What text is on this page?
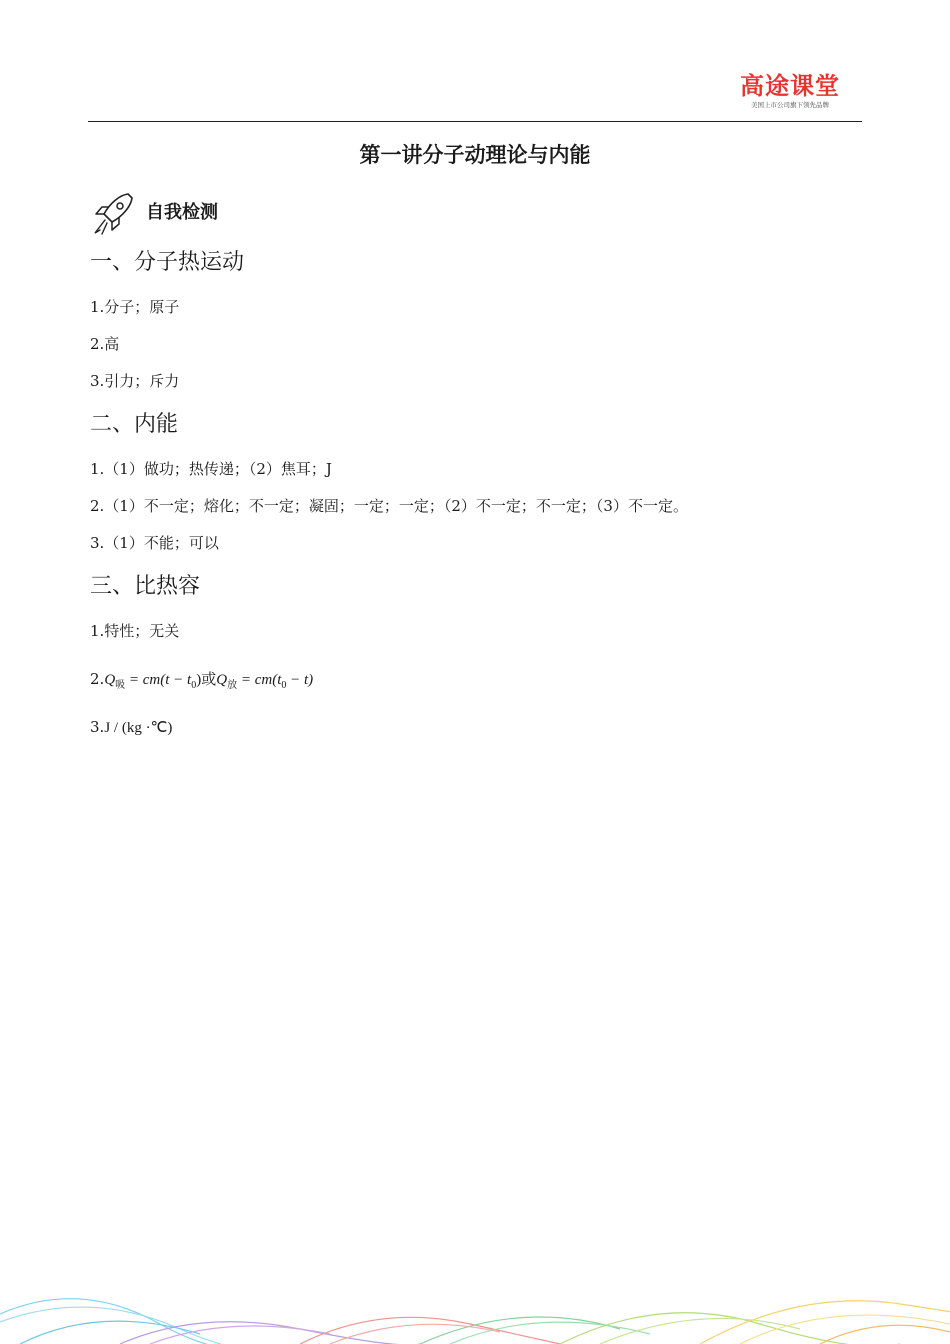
高途课堂
美国上市公司旗下领先品牌
第一讲分子动理论与内能
自我检测
一、分子热运动
1.分子；原子
2.高
3.引力；斥力
二、内能
1.（1）做功；热传递；（2）焦耳；J
2.（1）不一定；熔化；不一定；凝固；一定；一定；（2）不一定；不一定；（3）不一定。
3.（1）不能；可以
三、比热容
1.特性；无关
$2.Q_吸 = cm(t - t_0)$或$Q_放 = cm(t_0 - t)$
3.J / (kg ·℃)
